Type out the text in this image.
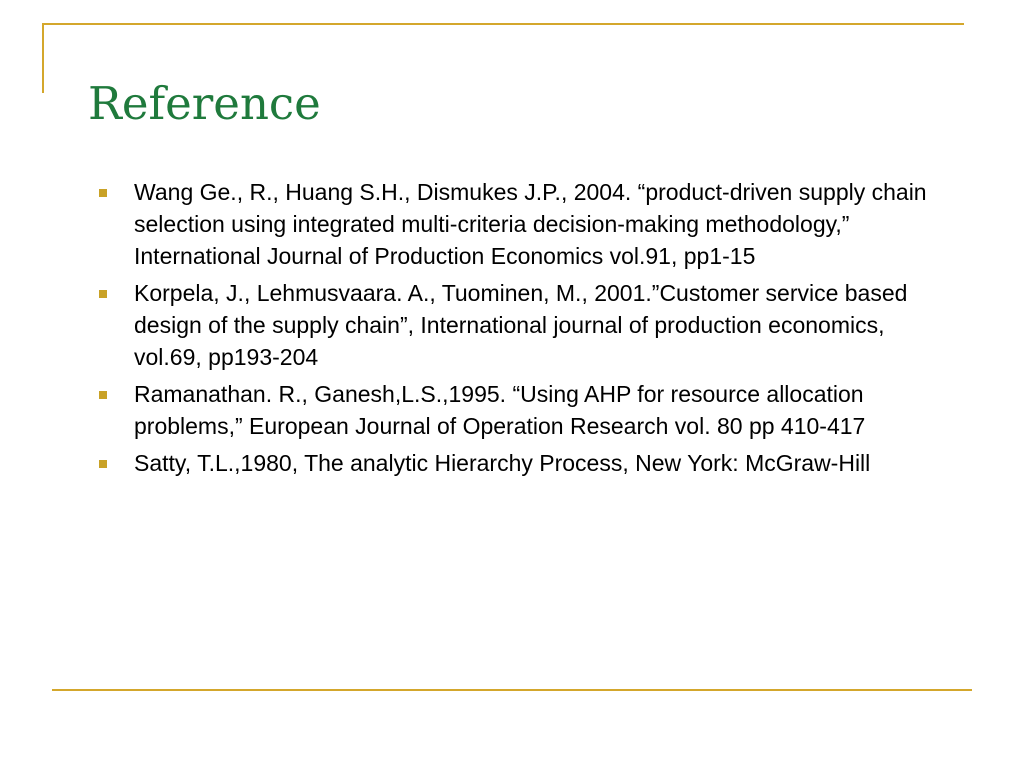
Reference
Wang Ge., R., Huang S.H., Dismukes J.P., 2004. “product-driven supply chain selection using integrated multi-criteria decision-making methodology,” International Journal of Production Economics vol.91, pp1-15
Korpela, J., Lehmusvaara. A., Tuominen, M., 2001.”Customer service based design of the supply chain”, International journal of production economics, vol.69, pp193-204
Ramanathan. R., Ganesh,L.S.,1995. “Using AHP for resource allocation problems,” European Journal of Operation Research vol. 80 pp 410-417
Satty, T.L.,1980, The analytic Hierarchy Process, New York: McGraw-Hill
